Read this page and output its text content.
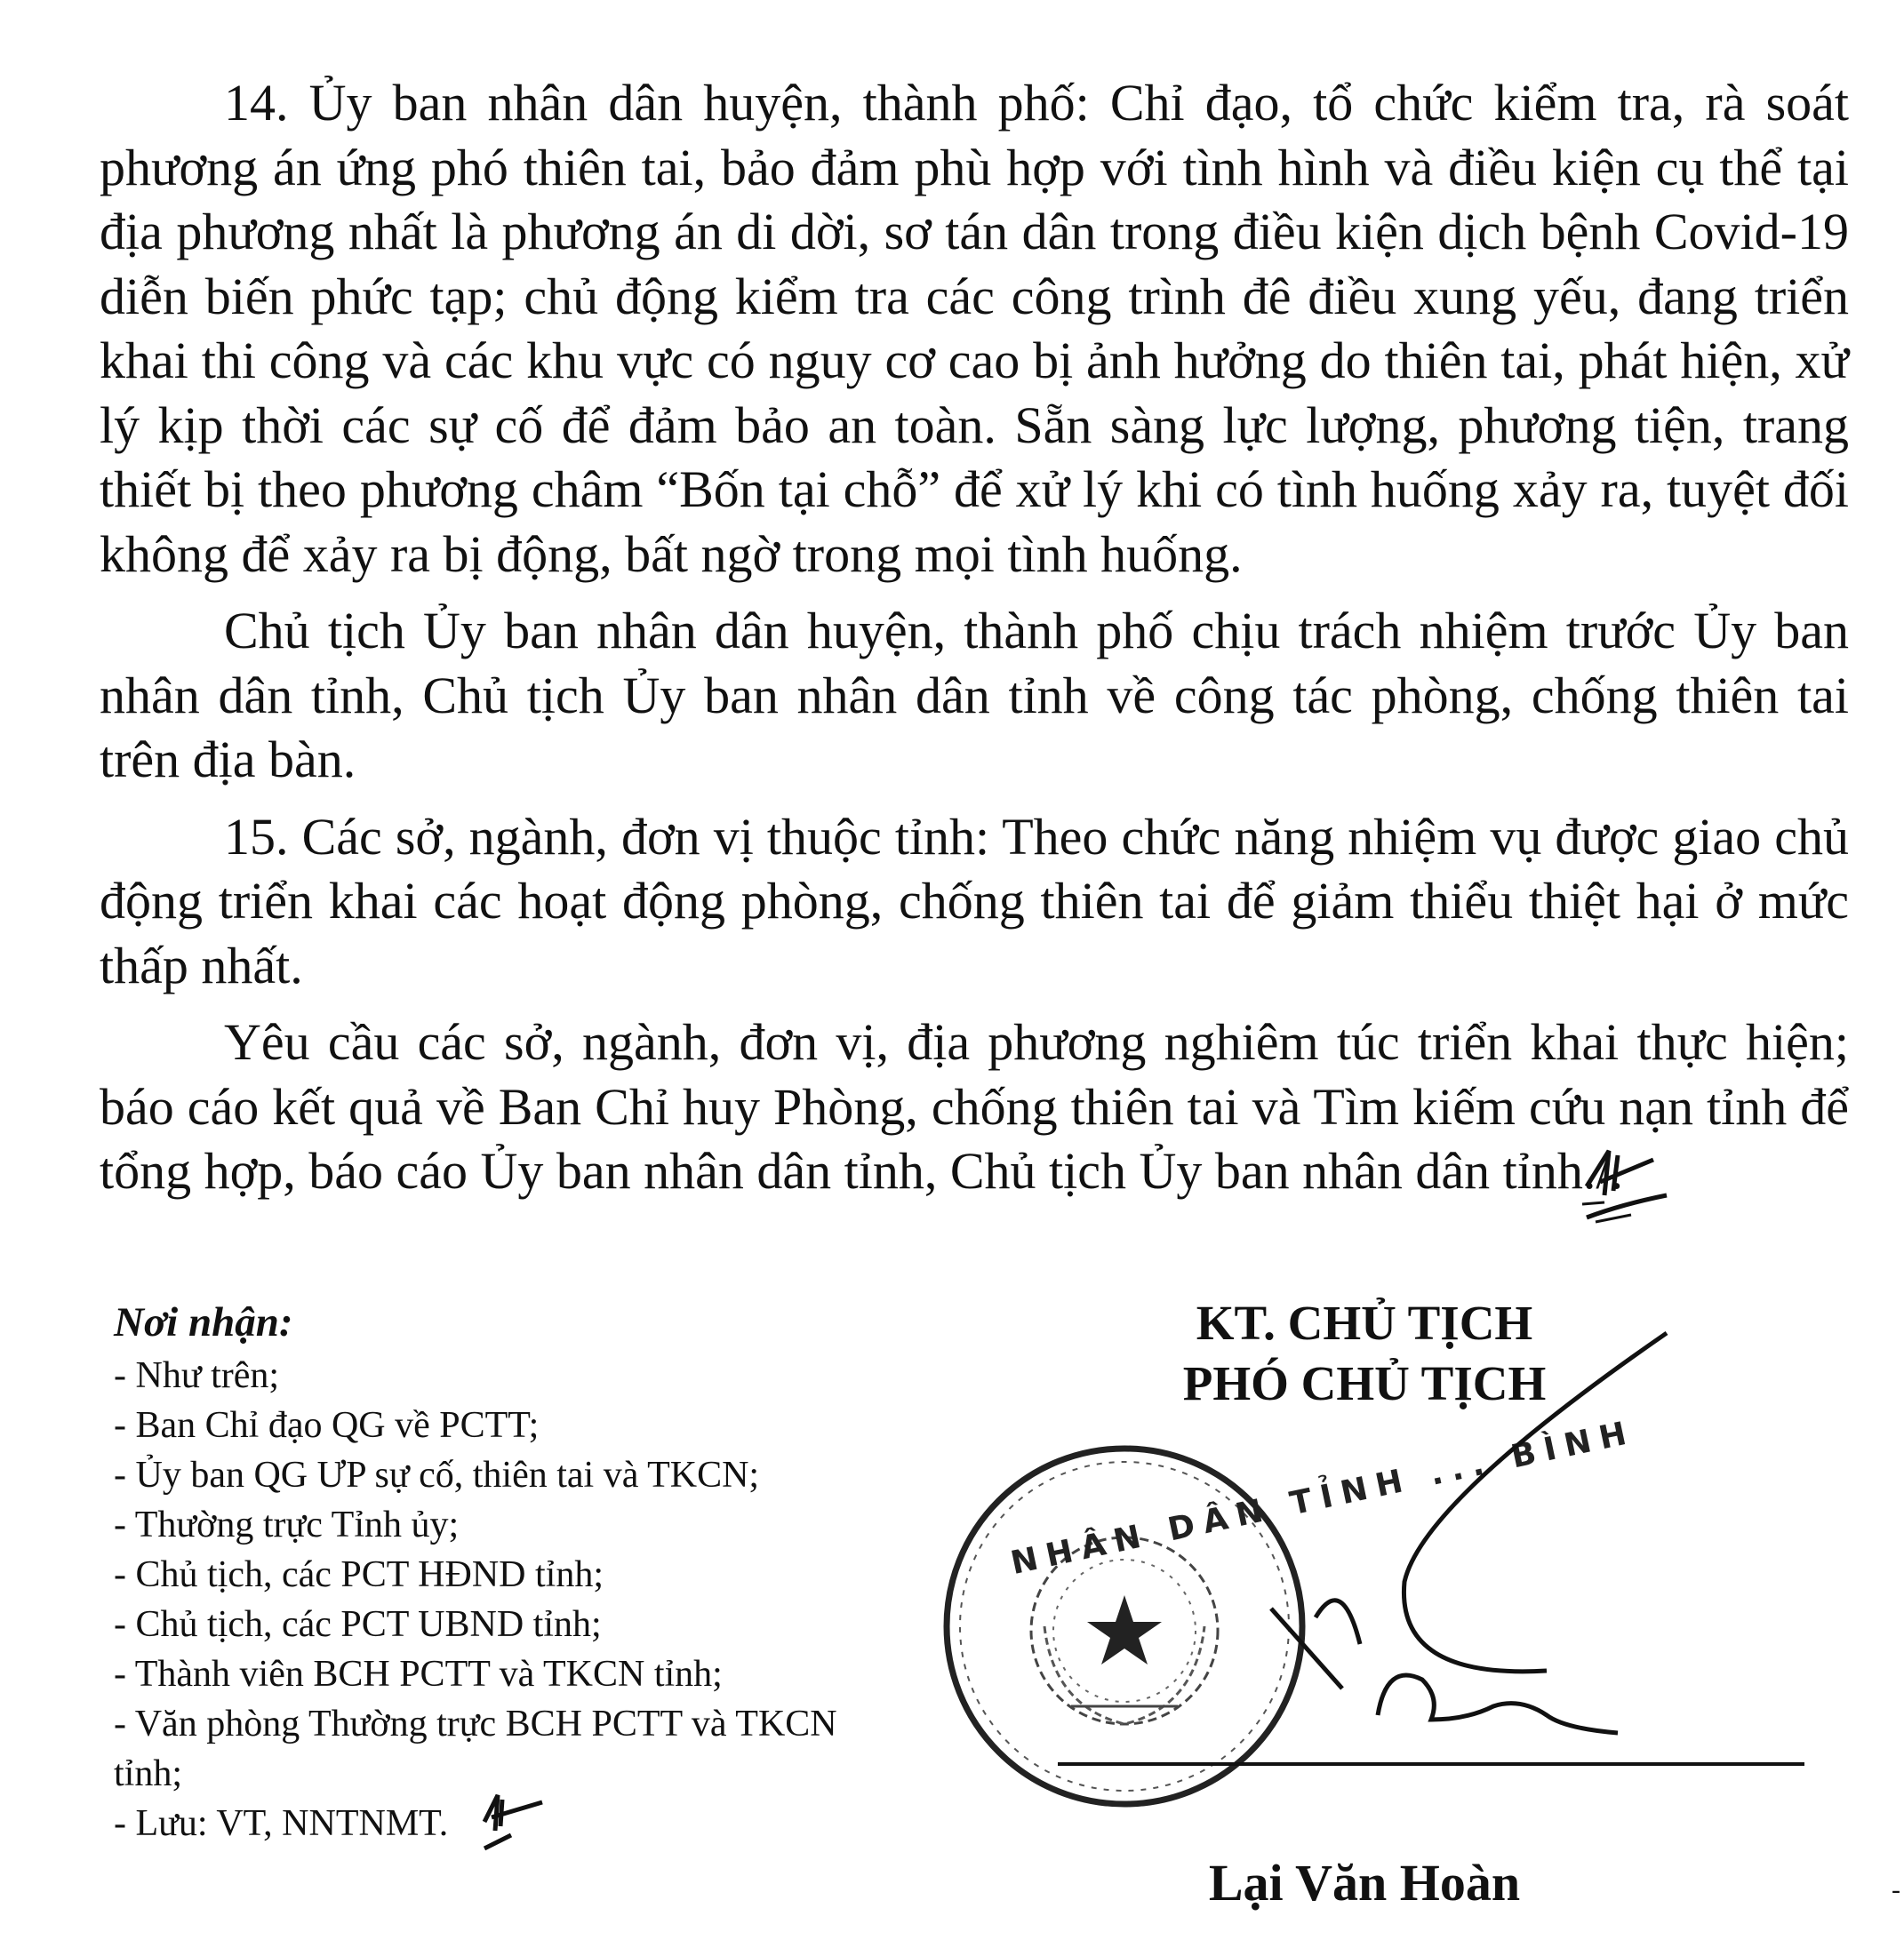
14. Ủy ban nhân dân huyện, thành phố: Chỉ đạo, tổ chức kiểm tra, rà soát phương án ứng phó thiên tai, bảo đảm phù hợp với tình hình và điều kiện cụ thể tại địa phương nhất là phương án di dời, sơ tán dân trong điều kiện dịch bệnh Covid-19 diễn biến phức tạp; chủ động kiểm tra các công trình đê điều xung yếu, đang triển khai thi công và các khu vực có nguy cơ cao bị ảnh hưởng do thiên tai, phát hiện, xử lý kịp thời các sự cố để đảm bảo an toàn. Sẵn sàng lực lượng, phương tiện, trang thiết bị theo phương châm “Bốn tại chỗ” để xử lý khi có tình huống xảy ra, tuyệt đối không để xảy ra bị động, bất ngờ trong mọi tình huống.

Chủ tịch Ủy ban nhân dân huyện, thành phố chịu trách nhiệm trước Ủy ban nhân dân tỉnh, Chủ tịch Ủy ban nhân dân tỉnh về công tác phòng, chống thiên tai trên địa bàn.

15. Các sở, ngành, đơn vị thuộc tỉnh: Theo chức năng nhiệm vụ được giao chủ động triển khai các hoạt động phòng, chống thiên tai để giảm thiểu thiệt hại ở mức thấp nhất.

Yêu cầu các sở, ngành, đơn vị, địa phương nghiêm túc triển khai thực hiện; báo cáo kết quả về Ban Chỉ huy Phòng, chống thiên tai và Tìm kiếm cứu nạn tỉnh để tổng hợp, báo cáo Ủy ban nhân dân tỉnh, Chủ tịch Ủy ban nhân dân tỉnh./.

Nơi nhận:
- Như trên;
- Ban Chỉ đạo QG về PCTT;
- Ủy ban QG ƯP sự cố, thiên tai và TKCN;
- Thường trực Tỉnh ủy;
- Chủ tịch, các PCT HĐND tỉnh;
- Chủ tịch, các PCT UBND tỉnh;
- Thành viên BCH PCTT và TKCN tỉnh;
- Văn phòng Thường trực BCH PCTT và TKCN tỉnh;
- Lưu: VT, NNTNMT.
KT. CHỦ TỊCH
PHÓ CHỦ TỊCH
NHÂN DÂN TỈNH ... BÌNH
Lại Văn Hoàn	-
